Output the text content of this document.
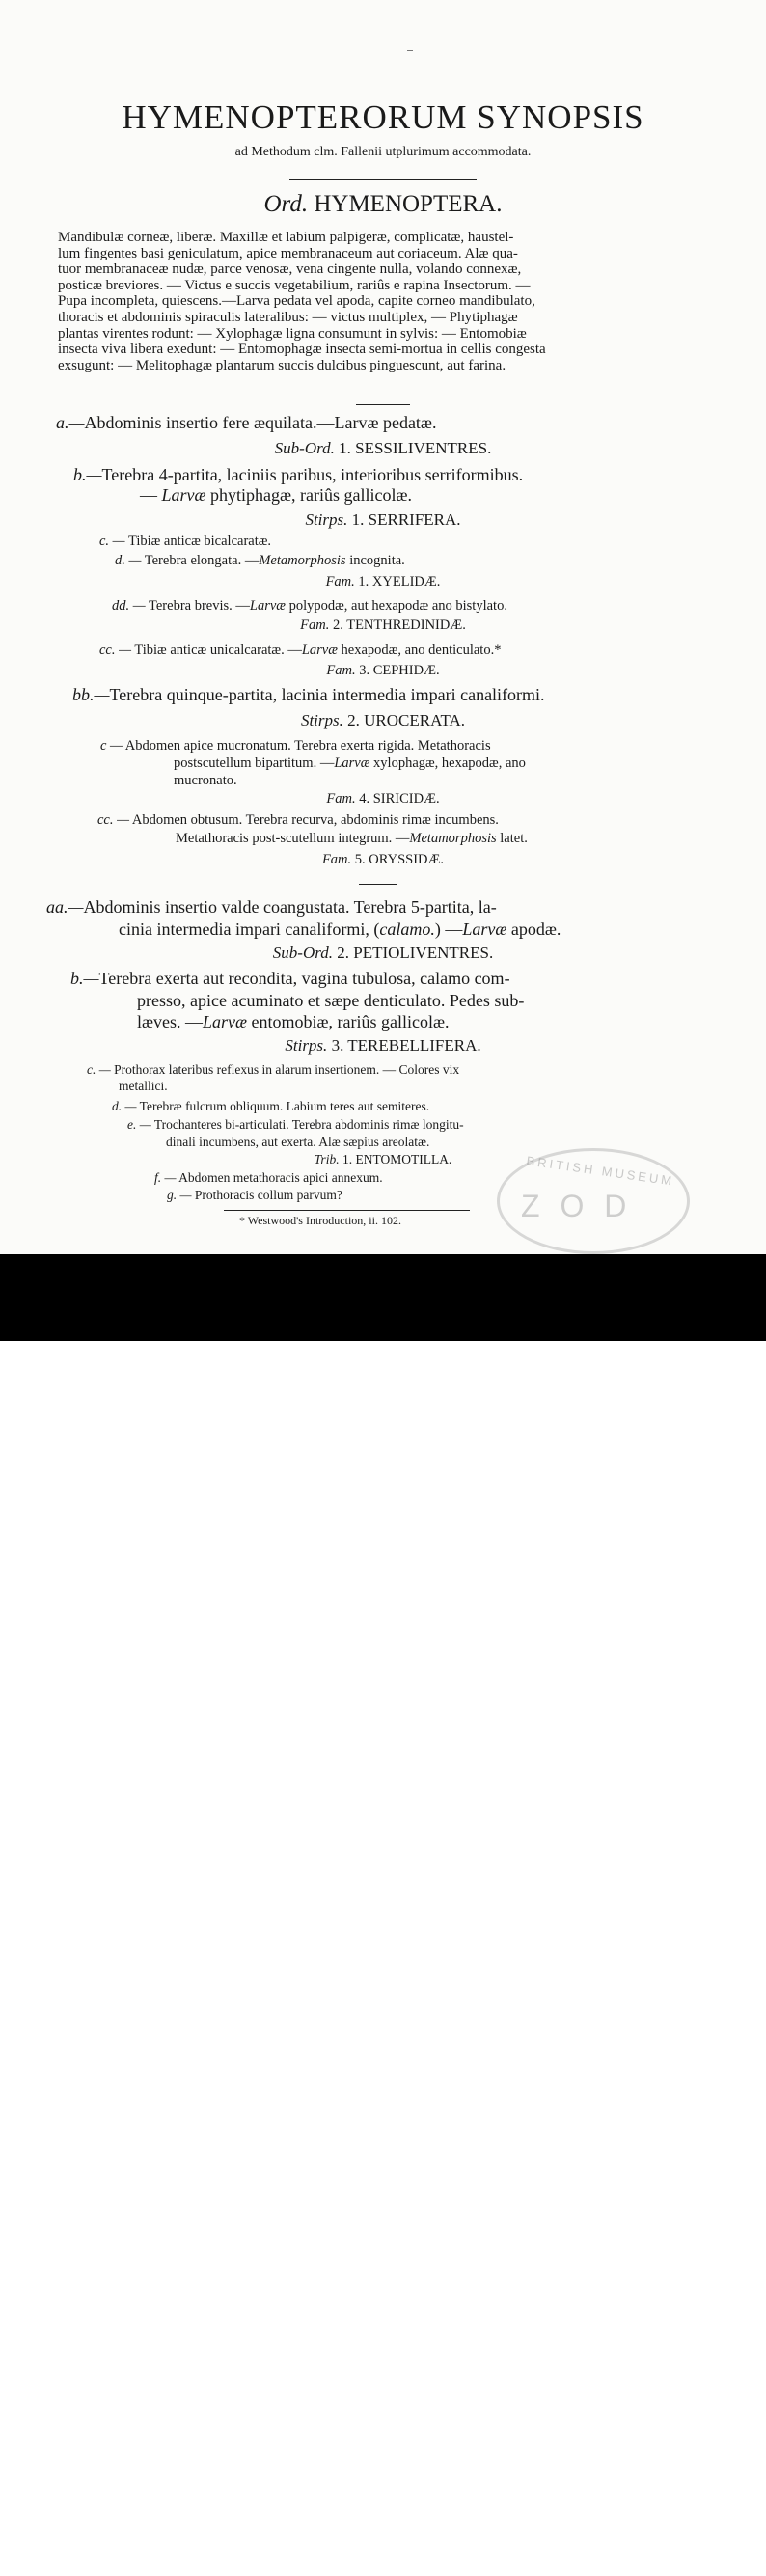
HYMENOPTERORUM SYNOPSIS
ad Methodum clm. Fallenii utplurimum accommodata.
Ord. HYMENOPTERA.
Mandibulæ corneæ, liberæ. Maxillæ et labium palpigeræ, complicatæ, haustel-
lum fingentes basi geniculatum, apice membranaceum aut coriaceum. Alæ qua-
tuor membranaceæ nudæ, parce venosæ, vena cingente nulla, volando connexæ,
posticæ breviores. — Victus e succis vegetabilium, rariûs e rapina Insectorum. —
Pupa incompleta, quiescens.—Larva pedata vel apoda, capite corneo mandibulato,
thoracis et abdominis spiraculis lateralibus: — victus multiplex, — Phytiphagæ
plantas virentes rodunt: — Xylophagæ ligna consumunt in sylvis: — Entomobiæ
insecta viva libera exedunt: — Entomophagæ insecta semi-mortua in cellis congesta
exsugunt: — Melitophagæ plantarum succis dulcibus pinguescunt, aut farina.
a.—Abdominis insertio fere æquilata.—Larvæ pedatæ.
Sub-Ord. 1. SESSILIVENTRES.
b.—Terebra 4-partita, laciniis paribus, interioribus serriformibus.
— Larvæ phytiphagæ, rariûs gallicolæ.
Stirps. 1. SERRIFERA.
c. — Tibiæ anticæ bicalcaratæ.
d. — Terebra elongata. —Metamorphosis incognita.
Fam. 1. XYELIDÆ.
dd. — Terebra brevis. —Larvæ polypodæ, aut hexapodæ ano bistylato.
Fam. 2. TENTHREDINIDÆ.
cc. — Tibiæ anticæ unicalcaratæ. —Larvæ hexapodæ, ano denticulato.*
Fam. 3. CEPHIDÆ.
bb.—Terebra quinque-partita, lacinia intermedia impari canaliformi.
Stirps. 2. UROCERATA.
c — Abdomen apice mucronatum. Terebra exerta rigida. Metathoracis
postscutellum bipartitum. —Larvæ xylophagæ, hexapodæ, ano
mucronato.
Fam. 4. SIRICIDÆ.
cc. — Abdomen obtusum. Terebra recurva, abdominis rimæ incumbens.
Metathoracis post-scutellum integrum. —Metamorphosis latet.
Fam. 5. ORYSSIDÆ.
aa.—Abdominis insertio valde coangustata. Terebra 5-partita, la-
cinia intermedia impari canaliformi, (calamo.) —Larvæ apodæ.
Sub-Ord. 2. PETIOLIVENTRES.
b.—Terebra exerta aut recondita, vagina tubulosa, calamo com-
presso, apice acuminato et sæpe denticulato. Pedes sub-
læves. —Larvæ entomobiæ, rariûs gallicolæ.
Stirps. 3. TEREBELLIFERA.
c. — Prothorax lateribus reflexus in alarum insertionem. — Colores vix
metallici.
d. — Terebræ fulcrum obliquum. Labium teres aut semiteres.
e. — Trochanteres bi-articulati. Terebra abdominis rimæ longitu-
dinali incumbens, aut exerta. Alæ sæpius areolatæ.
Trib. 1. ENTOMOTILLA.
f. — Abdomen metathoracis apici annexum.
g. — Prothoracis collum parvum?
* Westwood's Introduction, ii. 102.
BRITISH MUSEUM
Z O D
alamy	Image ID: J8CYTG
www.alamy.com
